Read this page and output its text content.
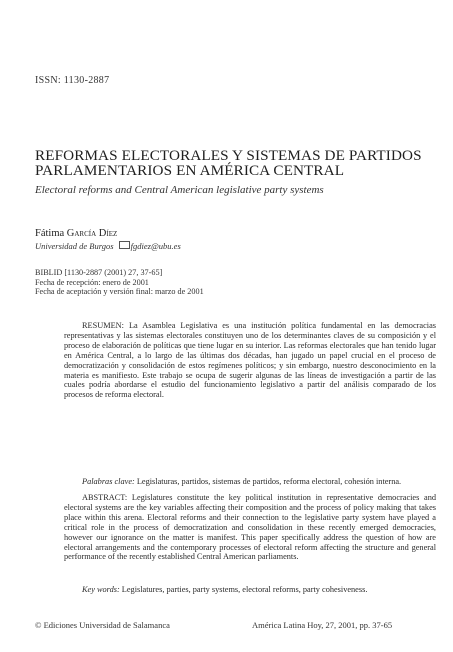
ISSN: 1130-2887
REFORMAS ELECTORALES Y SISTEMAS DE PARTIDOS
PARLAMENTARIOS EN AMÉRICA CENTRAL
Electoral reforms and Central American legislative party systems
Fátima García Díez
Universidad de Burgos fgdiez@ubu.es
BIBLID [1130-2887 (2001) 27, 37-65]
Fecha de recepción: enero de 2001
Fecha de aceptación y versión final: marzo de 2001
RESUMEN: La Asamblea Legislativa es una institución política fundamental en las democracias representativas y las sistemas electorales constituyen uno de los determinantes claves de su composición y el proceso de elaboración de políticas que tiene lugar en su interior. Las reformas electorales que han tenido lugar en América Central, a lo largo de las últimas dos décadas, han jugado un papel crucial en el proceso de democratización y consolidación de estos regímenes políticos; y sin embargo, nuestro desconocimiento en la materia es manifiesto. Este trabajo se ocupa de sugerir algunas de las líneas de investigación a partir de las cuales podría abordarse el estudio del funcionamiento legislativo a partir del análisis comparado de los procesos de reforma electoral.
Palabras clave: Legislaturas, partidos, sistemas de partidos, reforma electoral, cohesión interna.
ABSTRACT: Legislatures constitute the key political institution in representative democracies and electoral systems are the key variables affecting their composition and the process of policy making that takes place within this arena. Electoral reforms and their connection to the legislative party system have played a critical role in the process of democratization and consolidation in these recently emerged democracies, however our ignorance on the matter is manifest. This paper specifically address the question of how are electoral arrangements and the contemporary processes of electoral reform affecting the structure and general performance of the recently established Central American parliaments.
Key words: Legislatures, parties, party systems, electoral reforms, party cohesiveness.
© Ediciones Universidad de Salamanca	América Latina Hoy, 27, 2001, pp. 37-65
